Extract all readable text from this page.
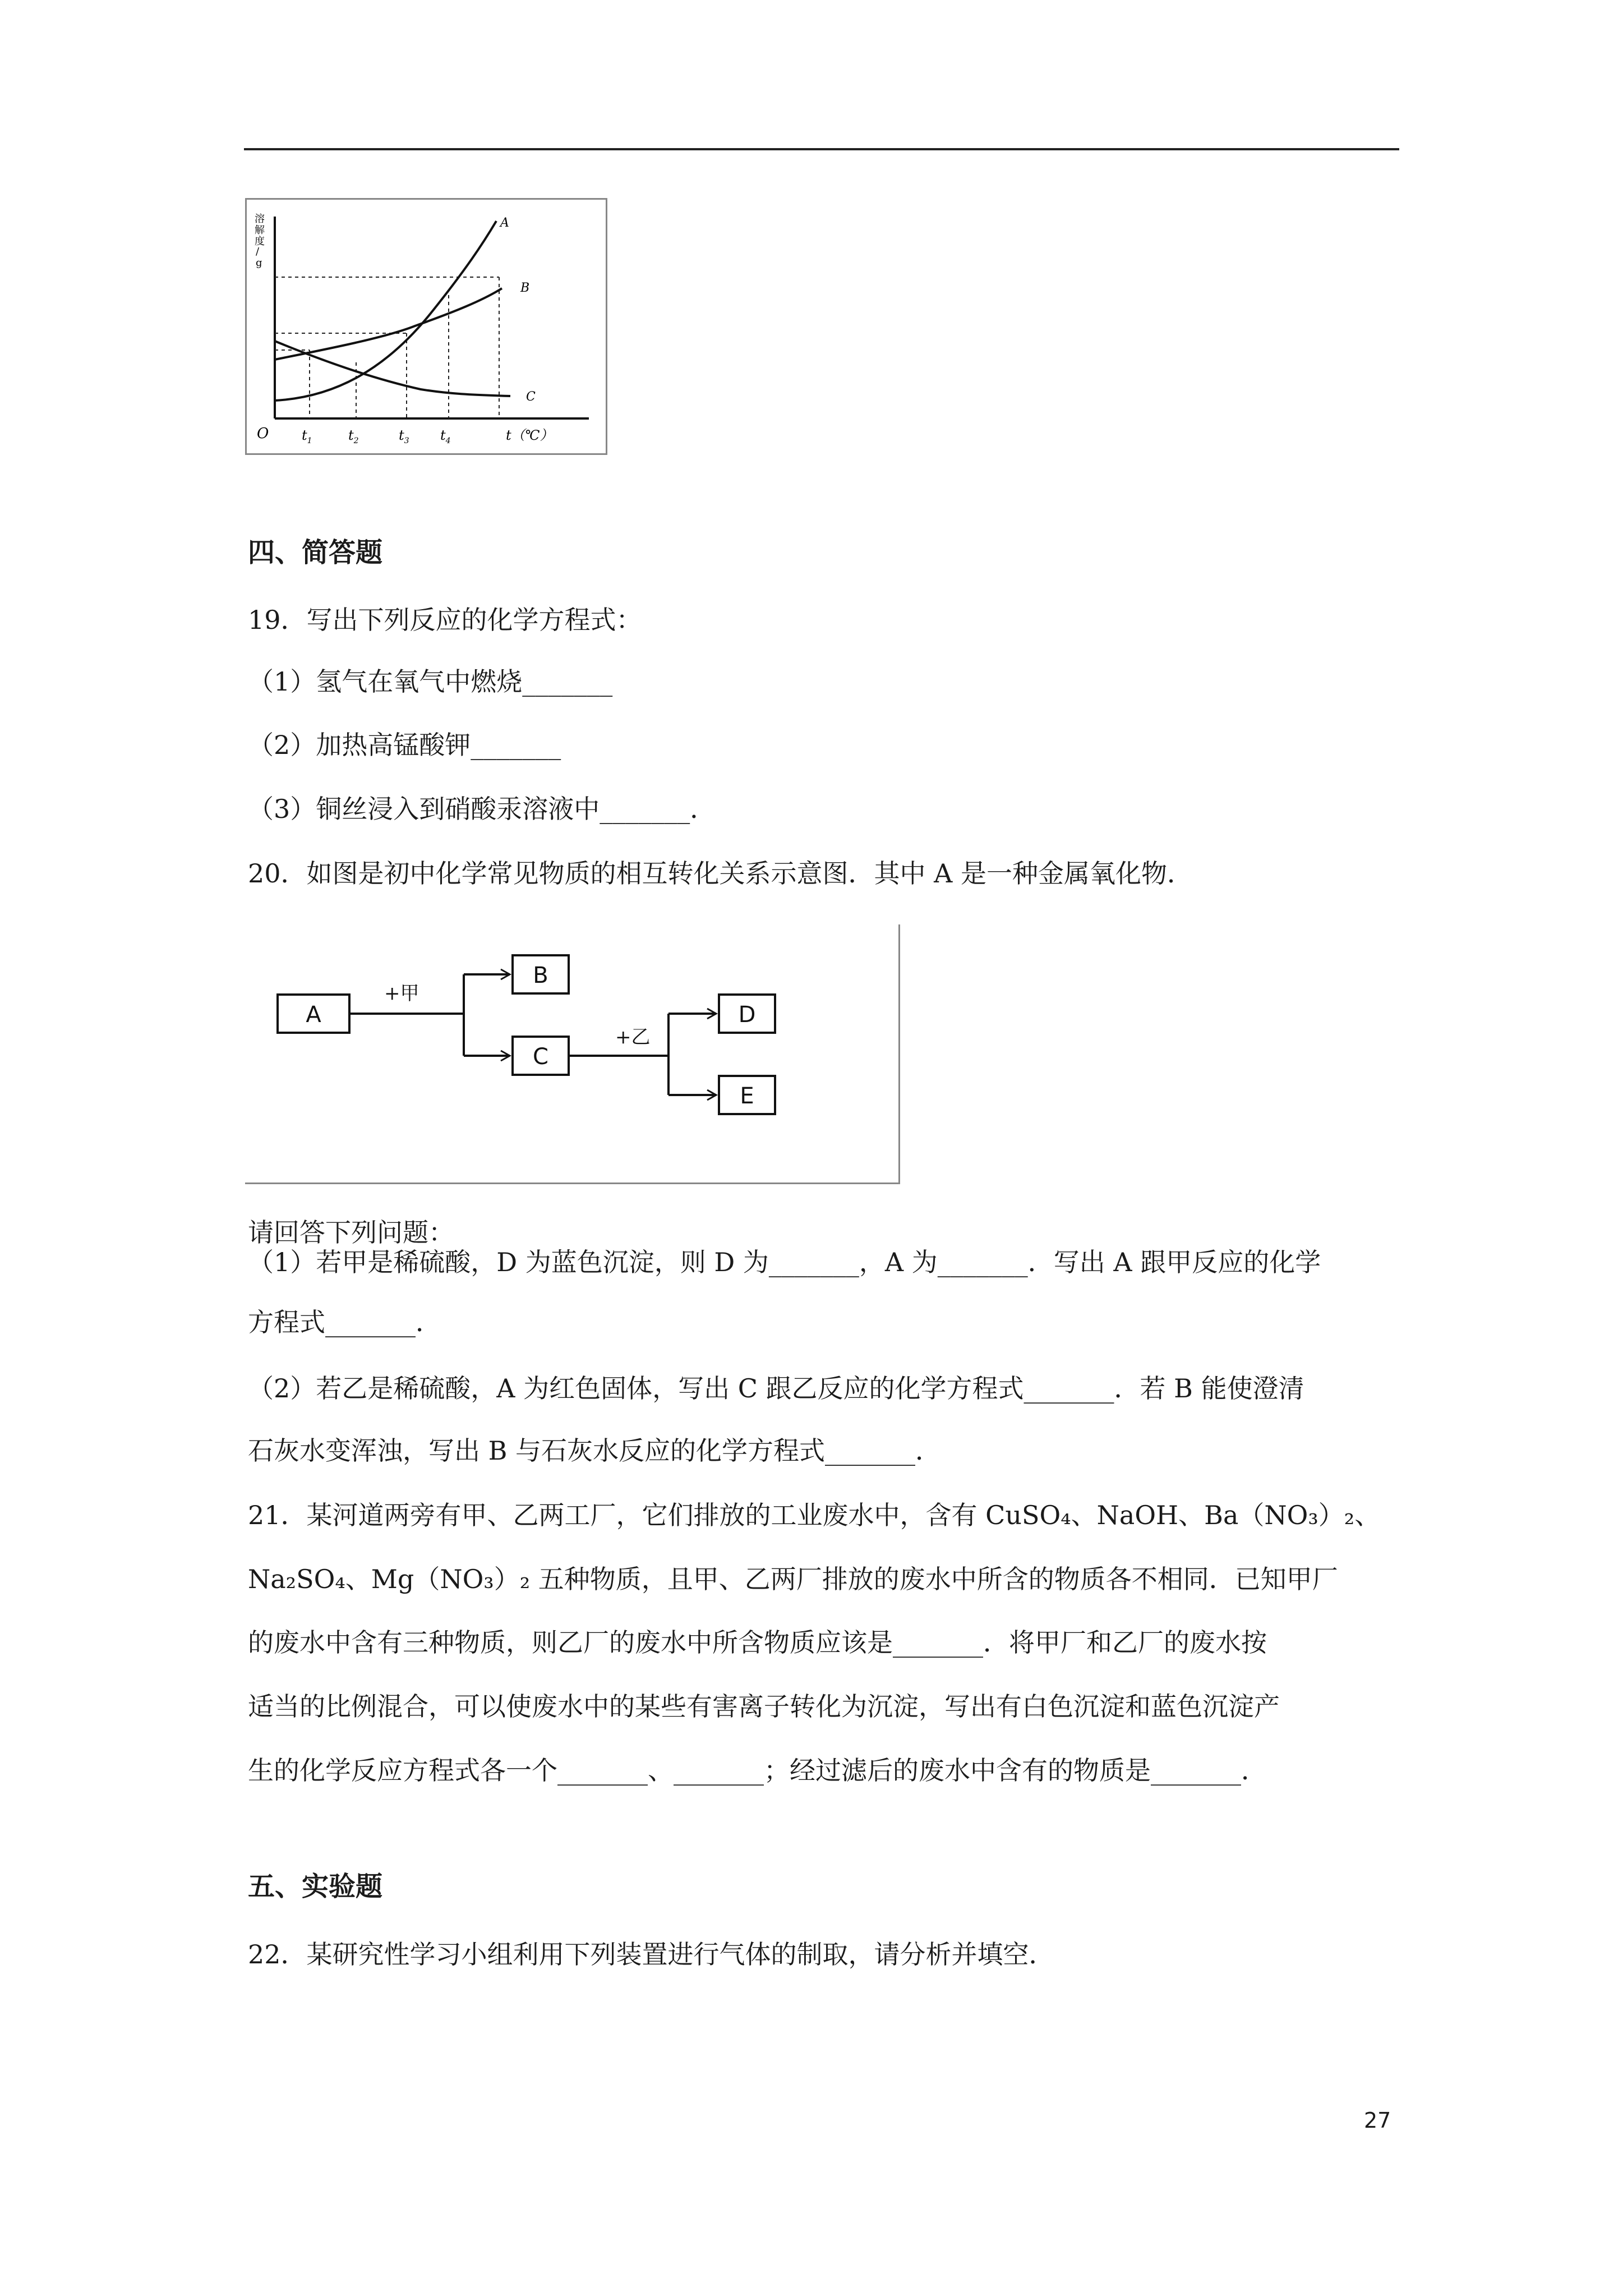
溶
解
度
/
g
A
B
C
O $t_1$	$t_2$	$t_3$ $t_4$	t（℃）
四、简答题
19．写出下列反应的化学方程式：
（1）氢气在氧气中燃烧_______
（2）加热高锰酸钾_______
（3）铜丝浸入到硝酸汞溶液中_______．
20．如图是初中化学常见物质的相互转化关系示意图．其中 A 是一种金属氧化物．
A
B
C
D
E
+甲
+乙
请回答下列问题：
（1）若甲是稀硫酸，D 为蓝色沉淀，则 D 为_______，A 为_______．写出 A 跟甲反应的化学
方程式_______．
（2）若乙是稀硫酸，A 为红色固体，写出 C 跟乙反应的化学方程式_______．若 B 能使澄清
石灰水变浑浊，写出 B 与石灰水反应的化学方程式_______．
21．某河道两旁有甲、乙两工厂，它们排放的工业废水中，含有 CuSO₄、NaOH、Ba（NO₃）₂、
Na₂SO₄、Mg（NO₃）₂ 五种物质，且甲、乙两厂排放的废水中所含的物质各不相同．已知甲厂
的废水中含有三种物质，则乙厂的废水中所含物质应该是_______．将甲厂和乙厂的废水按
适当的比例混合，可以使废水中的某些有害离子转化为沉淀，写出有白色沉淀和蓝色沉淀产
生的化学反应方程式各一个_______、_______；经过滤后的废水中含有的物质是_______．
五、实验题
22．某研究性学习小组利用下列装置进行气体的制取，请分析并填空．
27
